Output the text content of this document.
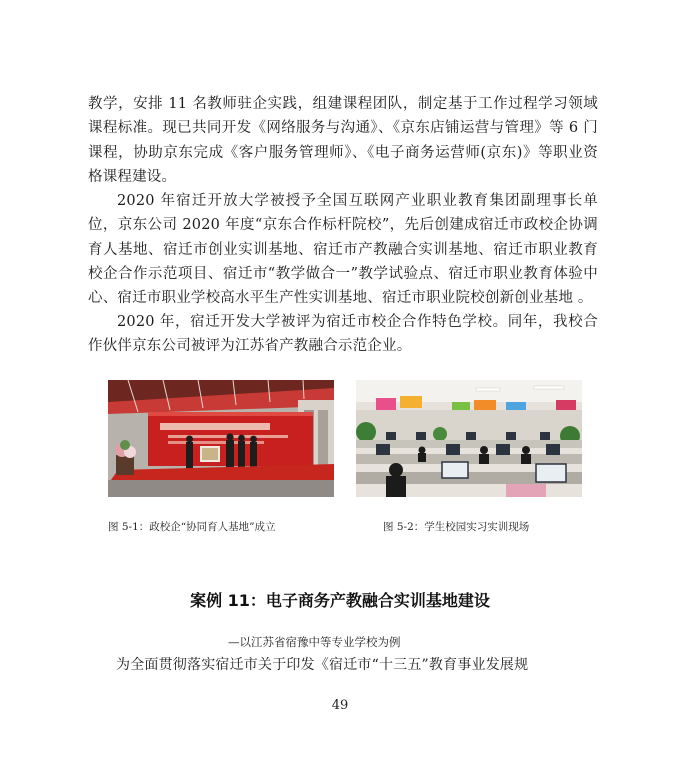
教学，安排 11 名教师驻企实践，组建课程团队，制定基于工作过程学习领域课程标准。现已共同开发《网络服务与沟通》、《京东店铺运营与管理》等 6 门课程，协助京东完成《客户服务管理师》、《电子商务运营师(京东)》等职业资格课程建设。

2020 年宿迁开放大学被授予全国互联网产业职业教育集团副理事长单位，京东公司 2020 年度“京东合作标杆院校”，先后创建成宿迁市政校企协调育人基地、宿迁市创业实训基地、宿迁市产教融合实训基地、宿迁市职业教育校企合作示范项目、宿迁市“教学做合一”教学试验点、宿迁市职业教育体验中心、宿迁市职业学校高水平生产性实训基地、宿迁市职业院校创新创业基地 。

2020 年，宿迁开发大学被评为宿迁市校企合作特色学校。同年，我校合作伙伴京东公司被评为江苏省产教融合示范企业。

图 5-1：政校企“协同育人基地”成立	图 5-2：学生校园实习实训现场
案例 11：电子商务产教融合实训基地建设
—以江苏省宿豫中等专业学校为例

为全面贯彻落实宿迁市关于印发《宿迁市“十三五”教育事业发展规

49
